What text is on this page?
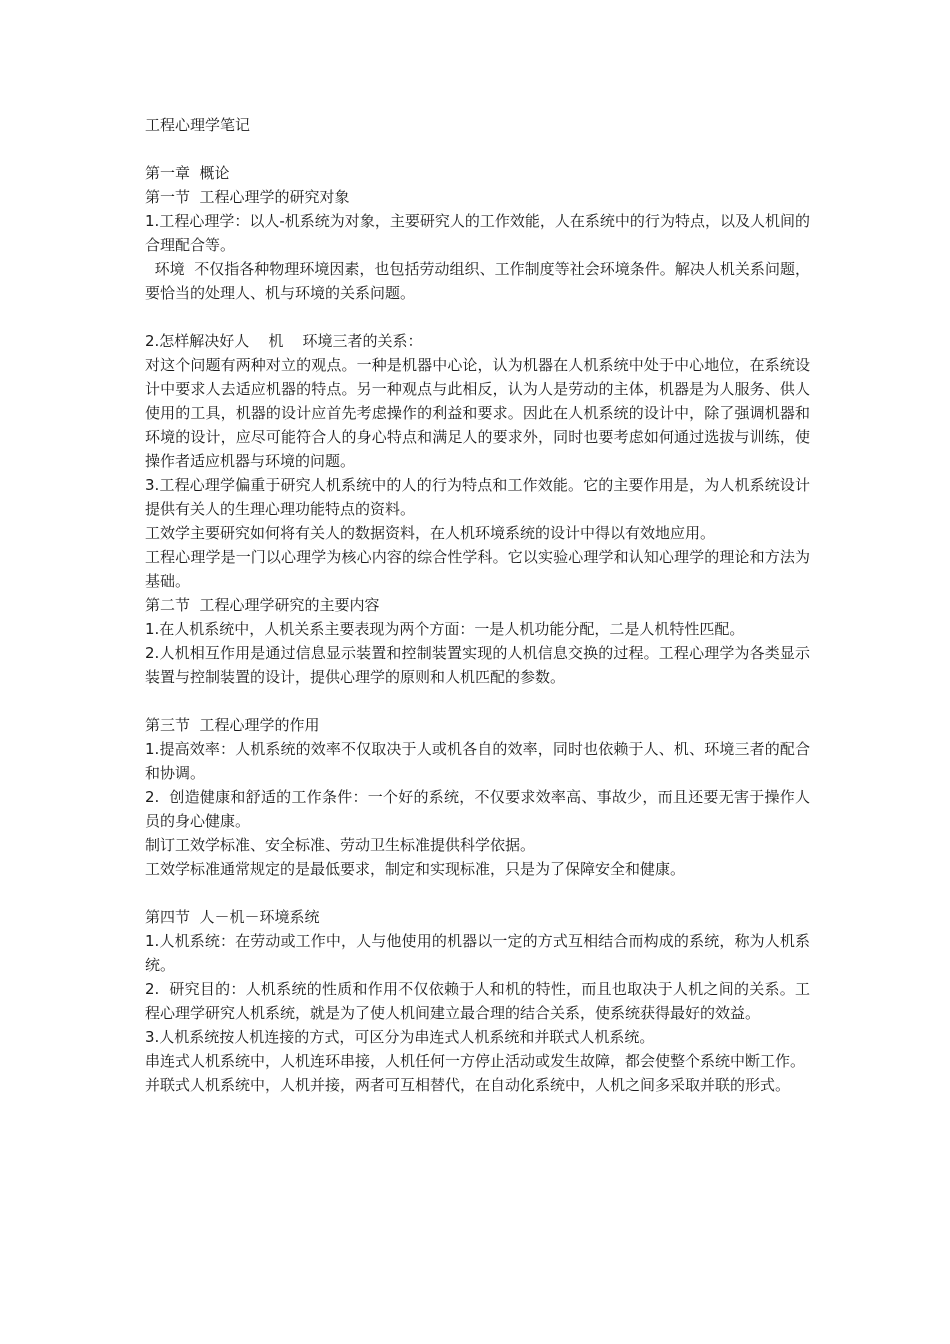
工程心理学笔记

第一章  概论

第一节  工程心理学的研究对象

1.工程心理学：以人-机系统为对象，主要研究人的工作效能，人在系统中的行为特点，以及人机间的合理配合等。

环境  不仅指各种物理环境因素，也包括劳动组织、工作制度等社会环境条件。解决人机关系问题，要恰当的处理人、机与环境的关系问题。

2.怎样解决好人    机    环境三者的关系：

对这个问题有两种对立的观点。一种是机器中心论，认为机器在人机系统中处于中心地位，在系统设计中要求人去适应机器的特点。另一种观点与此相反，认为人是劳动的主体，机器是为人服务、供人使用的工具，机器的设计应首先考虑操作的利益和要求。因此在人机系统的设计中，除了强调机器和环境的设计，应尽可能符合人的身心特点和满足人的要求外，同时也要考虑如何通过选拔与训练，使操作者适应机器与环境的问题。

3.工程心理学偏重于研究人机系统中的人的行为特点和工作效能。它的主要作用是，为人机系统设计提供有关人的生理心理功能特点的资料。

工效学主要研究如何将有关人的数据资料，在人机环境系统的设计中得以有效地应用。

工程心理学是一门以心理学为核心内容的综合性学科。它以实验心理学和认知心理学的理论和方法为基础。

第二节  工程心理学研究的主要内容

1.在人机系统中，人机关系主要表现为两个方面：一是人机功能分配，二是人机特性匹配。

2.人机相互作用是通过信息显示装置和控制装置实现的人机信息交换的过程。工程心理学为各类显示装置与控制装置的设计，提供心理学的原则和人机匹配的参数。

第三节  工程心理学的作用

1.提高效率：人机系统的效率不仅取决于人或机各自的效率，同时也依赖于人、机、环境三者的配合和协调。

2.  创造健康和舒适的工作条件：一个好的系统，不仅要求效率高、事故少，而且还要无害于操作人员的身心健康。

制订工效学标准、安全标准、劳动卫生标准提供科学依据。

工效学标准通常规定的是最低要求，制定和实现标准，只是为了保障安全和健康。

第四节  人－机－环境系统

1.人机系统：在劳动或工作中，人与他使用的机器以一定的方式互相结合而构成的系统，称为人机系统。

2.  研究目的：人机系统的性质和作用不仅依赖于人和机的特性，而且也取决于人机之间的关系。工程心理学研究人机系统，就是为了使人机间建立最合理的结合关系，使系统获得最好的效益。

3.人机系统按人机连接的方式，可区分为串连式人机系统和并联式人机系统。

串连式人机系统中，人机连环串接，人机任何一方停止活动或发生故障，都会使整个系统中断工作。

并联式人机系统中，人机并接，两者可互相替代，在自动化系统中，人机之间多采取并联的形式。
